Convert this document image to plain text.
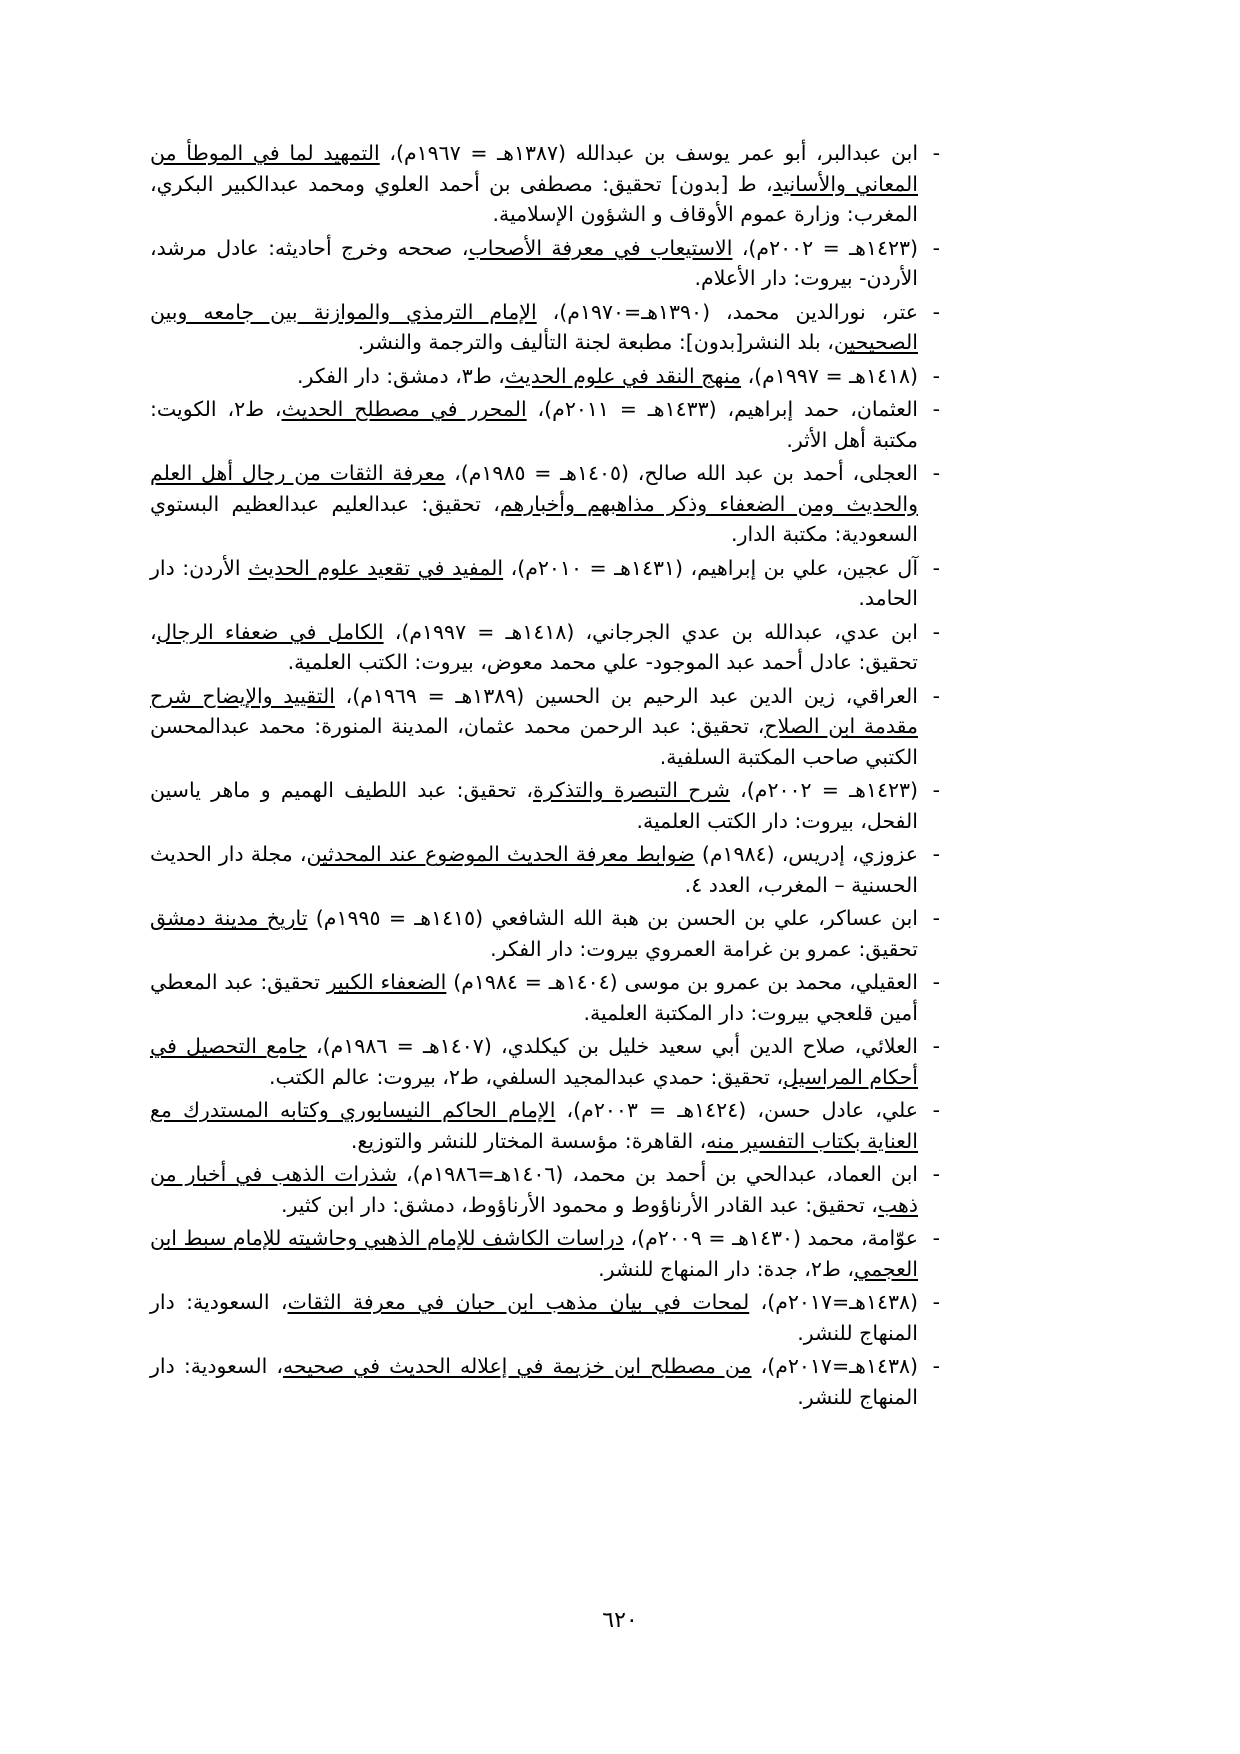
-
ابن عبدالبر، أبو عمر يوسف بن عبدالله (١٣٨٧هـ = ١٩٦٧م)، التمهيد لما في الموطأ من المعاني والأسانيد، ط [بدون] تحقيق: مصطفى بن أحمد العلوي ومحمد عبدالكبير البكري، المغرب: وزارة عموم الأوقاف و الشؤون الإسلامية.
-
(١٤٢٣هـ = ٢٠٠٢م)، الاستيعاب في معرفة الأصحاب، صححه وخرج أحاديثه: عادل مرشد، الأردن- بيروت: دار الأعلام.
-
عتر، نورالدين محمد، (١٣٩٠هـ=١٩٧٠م)، الإمام الترمذي والموازنة بين جامعه وبين الصحيحين، بلد النشر[بدون]: مطبعة لجنة التأليف والترجمة والنشر.
-
(١٤١٨هـ = ١٩٩٧م)، منهج النقد في علوم الحديث، ط٣، دمشق: دار الفكر.
-
العثمان، حمد إبراهيم، (١٤٣٣هـ = ٢٠١١م)، المحرر في مصطلح الحديث، ط٢، الكويت: مكتبة أهل الأثر.
-
العجلى، أحمد بن عبد الله صالح، (١٤٠٥هـ = ١٩٨٥م)، معرفة الثقات من رجال أهل العلم والحديث ومن الضعفاء وذكر مذاهبهم وأخبارهم، تحقيق: عبدالعليم عبدالعظيم البستوي السعودية: مكتبة الدار.
-
آل عجين، علي بن إبراهيم، (١٤٣١هـ = ٢٠١٠م)، المفيد في تقعيد علوم الحديث الأردن: دار الحامد.
-
ابن عدي، عبدالله بن عدي الجرجاني، (١٤١٨هـ = ١٩٩٧م)، الكامل في ضعفاء الرجال، تحقيق: عادل أحمد عبد الموجود- علي محمد معوض، بيروت: الكتب العلمية.
-
العراقي، زين الدين عبد الرحيم بن الحسين (١٣٨٩هـ = ١٩٦٩م)، التقييد والإيضاح شرح مقدمة ابن الصلاح، تحقيق: عبد الرحمن محمد عثمان، المدينة المنورة: محمد عبدالمحسن الكتبي صاحب المكتبة السلفية.
-
(١٤٢٣هـ = ٢٠٠٢م)، شرح التبصرة والتذكرة، تحقيق: عبد اللطيف الهميم و ماهر ياسين الفحل، بيروت: دار الكتب العلمية.
-
عزوزي، إدريس، (١٩٨٤م) ضوابط معرفة الحديث الموضوع عند المحدثين، مجلة دار الحديث الحسنية – المغرب، العدد ٤.
-
ابن عساكر، علي بن الحسن بن هبة الله الشافعي (١٤١٥هـ = ١٩٩٥م) تاريخ مدينة دمشق تحقيق: عمرو بن غرامة العمروي بيروت: دار الفكر.
-
العقيلي، محمد بن عمرو بن موسى (١٤٠٤هـ = ١٩٨٤م) الضعفاء الكبير تحقيق: عبد المعطي أمين قلعجي بيروت: دار المكتبة العلمية.
-
العلائي، صلاح الدين أبي سعيد خليل بن كيكلدي، (١٤٠٧هـ = ١٩٨٦م)، جامع التحصيل في أحكام المراسيل، تحقيق: حمدي عبدالمجيد السلفي، ط٢، بيروت: عالم الكتب.
-
علي، عادل حسن، (١٤٢٤هـ = ٢٠٠٣م)، الإمام الحاكم النيسابوري وكتابه المستدرك مع العناية بكتاب التفسير منه، القاهرة: مؤسسة المختار للنشر والتوزيع.
-
ابن العماد، عبدالحي بن أحمد بن محمد، (١٤٠٦هـ=١٩٨٦م)، شذرات الذهب في أخبار من ذهب، تحقيق: عبد القادر الأرناؤوط و محمود الأرناؤوط، دمشق: دار ابن كثير.
-
عوّامة، محمد (١٤٣٠هـ = ٢٠٠٩م)، دراسات الكاشف للإمام الذهبي وحاشيته للإمام سبط ابن العجمي، ط٢، جدة: دار المنهاج للنشر.
-
(١٤٣٨هـ=٢٠١٧م)، لمحات في بيان مذهب ابن حبان في معرفة الثقات، السعودية: دار المنهاج للنشر.
-
(١٤٣٨هـ=٢٠١٧م)، من مصطلح ابن خزيمة في إعلاله الحديث في صحيحه، السعودية: دار المنهاج للنشر.
٦٢٠
